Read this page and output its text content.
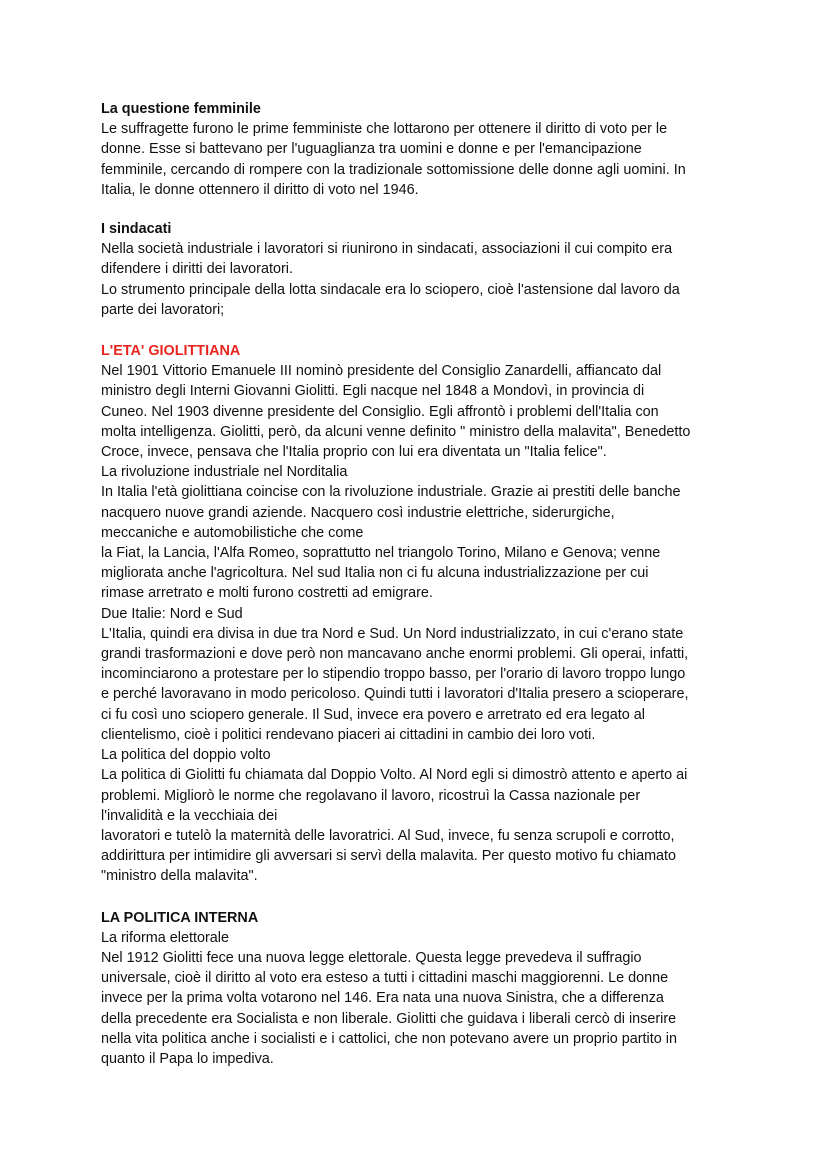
La questione femminile

Le suffragette furono le prime femministe che lottarono per ottenere il diritto di voto per le

donne. Esse si battevano per l'uguaglianza tra uomini e donne e per l'emancipazione

femminile, cercando di rompere con la tradizionale sottomissione delle donne agli uomini. In

Italia, le donne ottennero il diritto di voto nel 1946.

I sindacati

Nella società industriale i lavoratori si riunirono in sindacati, associazioni il cui compito era

difendere i diritti dei lavoratori.

Lo strumento principale della lotta sindacale era lo sciopero, cioè l'astensione dal lavoro da

parte dei lavoratori;

L'ETA' GIOLITTIANA

Nel 1901 Vittorio Emanuele III nominò presidente del Consiglio Zanardelli, affiancato dal

ministro degli Interni Giovanni Giolitti. Egli nacque nel 1848 a Mondovì, in provincia di

Cuneo. Nel 1903 divenne presidente del Consiglio. Egli affrontò i problemi dell'Italia con

molta intelligenza. Giolitti, però, da alcuni venne definito " ministro della malavita", Benedetto

Croce, invece, pensava che l'Italia proprio con lui era diventata un "Italia felice".

La rivoluzione industriale nel Norditalia

In Italia l'età giolittiana coincise con la rivoluzione industriale. Grazie ai prestiti delle banche

nacquero nuove grandi aziende. Nacquero così industrie elettriche, siderurgiche,

meccaniche e automobilistiche che come

la Fiat, la Lancia, l'Alfa Romeo, soprattutto nel triangolo Torino, Milano e Genova; venne

migliorata anche l'agricoltura. Nel sud Italia non ci fu alcuna industrializzazione per cui

rimase arretrato e molti furono costretti ad emigrare.

Due Italie: Nord e Sud

L'Italia, quindi era divisa in due tra Nord e Sud. Un Nord industrializzato, in cui c'erano state

grandi trasformazioni e dove però non mancavano anche enormi problemi. Gli operai, infatti,

incominciarono a protestare per lo stipendio troppo basso, per l'orario di lavoro troppo lungo

e perché lavoravano in modo pericoloso. Quindi tutti i lavoratori d'Italia presero a scioperare,

ci fu così uno sciopero generale. Il Sud, invece era povero e arretrato ed era legato al

clientelismo, cioè i politici rendevano piaceri ai cittadini in cambio dei loro voti.

La politica del doppio volto

La politica di Giolitti fu chiamata dal Doppio Volto. Al Nord egli si dimostrò attento e aperto ai

problemi. Migliorò le norme che regolavano il lavoro, ricostruì la Cassa nazionale per

l'invalidità e la vecchiaia dei

lavoratori e tutelò la maternità delle lavoratrici. Al Sud, invece, fu senza scrupoli e corrotto,

addirittura per intimidire gli avversari si servì della malavita. Per questo motivo fu chiamato

"ministro della malavita".

LA POLITICA INTERNA

La riforma elettorale

Nel 1912 Giolitti fece una nuova legge elettorale. Questa legge prevedeva il suffragio

universale, cioè il diritto al voto era esteso a tutti i cittadini maschi maggiorenni. Le donne

invece per la prima volta votarono nel 146. Era nata una nuova Sinistra, che a differenza

della precedente era Socialista e non liberale. Giolitti che guidava i liberali cercò di inserire

nella vita politica anche i socialisti e i cattolici, che non potevano avere un proprio partito in

quanto il Papa lo impediva.
